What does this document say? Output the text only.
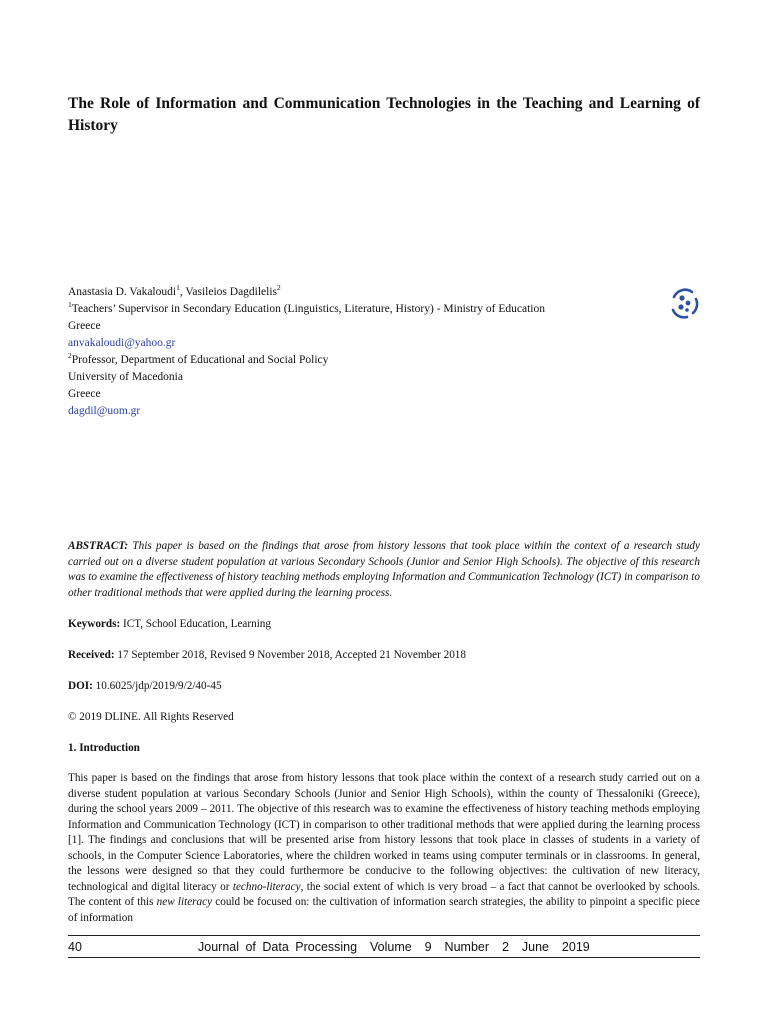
The Role of Information and Communication Technologies in the Teaching and Learning of History
Anastasia D. Vakaloudi$^1$, Vasileios Dagdilelis$^2$
$^1$Teachers’ Supervisor in Secondary Education (Linguistics, Literature, History) - Ministry of Education
Greece
anvakaloudi@yahoo.gr
$^2$Professor, Department of Educational and Social Policy
University of Macedonia
Greece
dagdil@uom.gr

ABSTRACT: This paper is based on the findings that arose from history lessons that took place within the context of a research study carried out on a diverse student population at various Secondary Schools (Junior and Senior High Schools). The objective of this research was to examine the effectiveness of history teaching methods employing Information and Communication Technology (ICT) in comparison to other traditional methods that were applied during the learning process.

Keywords: ICT, School Education, Learning

Received: 17 September 2018, Revised 9 November 2018, Accepted 21 November 2018

DOI: 10.6025/jdp/2019/9/2/40-45

© 2019 DLINE. All Rights Reserved

1. Introduction

This paper is based on the findings that arose from history lessons that took place within the context of a research study carried out on a diverse student population at various Secondary Schools (Junior and Senior High Schools), within the county of Thessaloniki (Greece), during the school years 2009 – 2011. The objective of this research was to examine the effectiveness of history teaching methods employing Information and Communication Technology (ICT) in comparison to other traditional methods that were applied during the learning process [1]. The findings and conclusions that will be presented arise from history lessons that took place in classes of students in a variety of schools, in the Computer Science Laboratories, where the children worked in teams using computer terminals or in classrooms. In general, the lessons were designed so that they could furthermore be conducive to the following objectives: the cultivation of new literacy, technological and digital literacy or techno-literacy, the social extent of which is very broad – a fact that cannot be overlooked by schools. The content of this new literacy could be focused on: the cultivation of information search strategies, the ability to pinpoint a specific piece of information

40	Journal of Data Processing  Volume  9  Number  2  June  2019
